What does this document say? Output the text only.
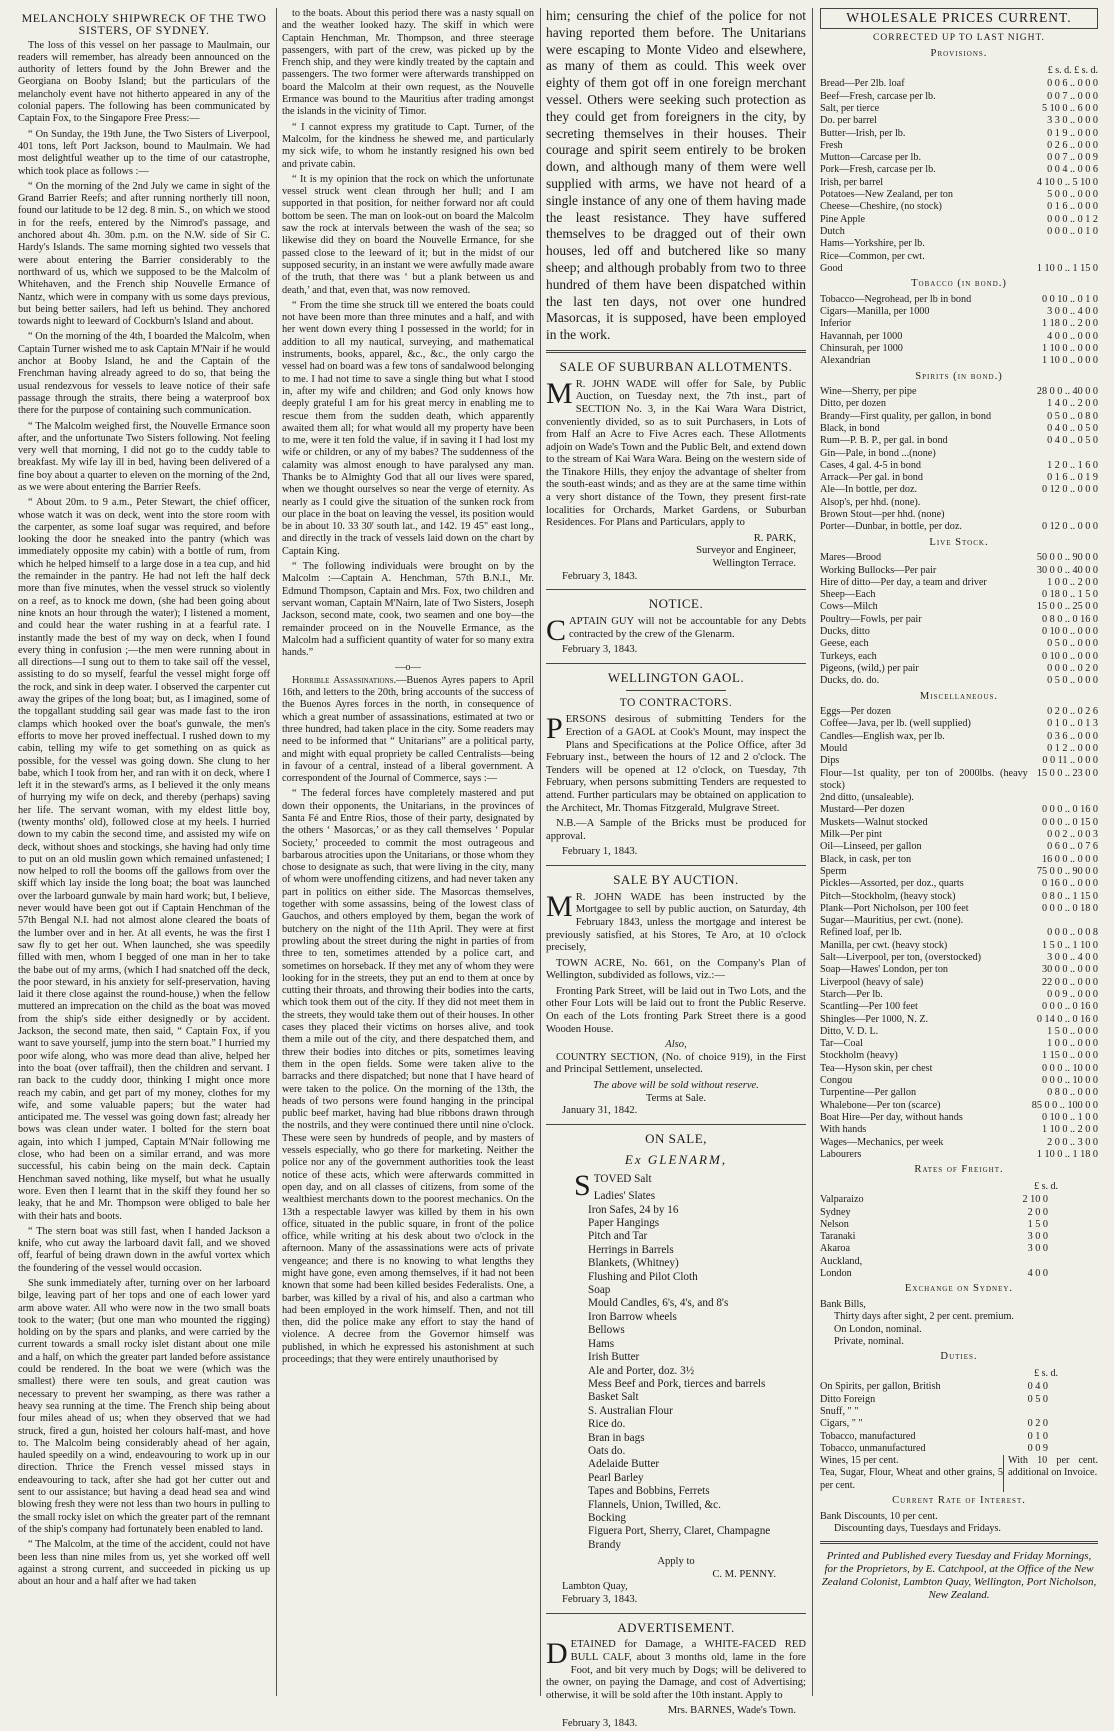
MELANCHOLY SHIPWRECK OF THE TWO SISTERS, OF SYDNEY.

The loss of this vessel on her passage to Maulmain, our readers will remember, has already been announced on the authority of letters found by the John Brewer and the Georgiana on Booby Island; but the particulars of the melancholy event have not hitherto appeared in any of the colonial papers. The following has been communicated by Captain Fox, to the Singapore Free Press:—

“ On Sunday, the 19th June, the Two Sisters of Liverpool, 401 tons, left Port Jackson, bound to Maulmain. We had most delightful weather up to the time of our catastrophe, which took place as follows :—

“ On the morning of the 2nd July we came in sight of the Grand Barrier Reefs; and after running northerly till noon, found our latitude to be 12 deg. 8 min. S., on which we stood in for the reefs, entered by the Nimrod's passage, and anchored about 4h. 30m. p.m. on the N.W. side of Sir C. Hardy's Islands. The same morning sighted two vessels that were about entering the Barrier considerably to the northward of us, which we supposed to be the Malcolm of Whitehaven, and the French ship Nouvelle Ermance of Nantz, which were in company with us some days previous, but being better sailers, had left us behind. They anchored towards night to leeward of Cockburn's Island and about.

“ On the morning of the 4th, I boarded the Malcolm, when Captain Turner wished me to ask Captain M'Nair if he would anchor at Booby Island, he and the Captain of the Frenchman having already agreed to do so, that being the usual rendezvous for vessels to leave notice of their safe passage through the straits, there being a waterproof box there for the purpose of containing such communication.

“ The Malcolm weighed first, the Nouvelle Ermance soon after, and the unfortunate Two Sisters following. Not feeling very well that morning, I did not go to the cuddy table to breakfast. My wife lay ill in bed, having been delivered of a fine boy about a quarter to eleven on the morning of the 2nd, as we were about entering the Barrier Reefs.

“ About 20m. to 9 a.m., Peter Stewart, the chief officer, whose watch it was on deck, went into the store room with the carpenter, as some loaf sugar was required, and before looking the door he sneaked into the pantry (which was immediately opposite my cabin) with a bottle of rum, from which he helped himself to a large dose in a tea cup, and hid the remainder in the pantry. He had not left the half deck more than five minutes, when the vessel struck so violently on a reef, as to knock me down, (she had been going about nine knots an hour through the water); I listened a moment, and could hear the water rushing in at a fearful rate. I instantly made the best of my way on deck, when I found every thing in confusion ;—the men were running about in all directions—I sung out to them to take sail off the vessel, assisting to do so myself, fearful the vessel might forge off the rock, and sink in deep water. I observed the carpenter cut away the gripes of the long boat; but, as I imagined, some of the topgallant studding sail gear was made fast to the iron clamps which hooked over the boat's gunwale, the men's efforts to move her proved ineffectual. I rushed down to my cabin, telling my wife to get something on as quick as possible, for the vessel was going down. She clung to her babe, which I took from her, and ran with it on deck, where I left it in the steward's arms, as I believed it the only means of hurrying my wife on deck, and thereby (perhaps) saving her life. The servant woman, with my eldest little boy, (twenty months' old), followed close at my heels. I hurried down to my cabin the second time, and assisted my wife on deck, without shoes and stockings, she having had only time to put on an old muslin gown which remained unfastened; I now helped to roll the booms off the gallows from over the skiff which lay inside the long boat; the boat was launched over the larboard gunwale by main hard work; but, I believe, never would have been got out if Captain Henchman of the 57th Bengal N.I. had not almost alone cleared the boats of the lumber over and in her. At all events, he was the first I saw fly to get her out. When launched, she was speedily filled with men, whom I begged of one man in her to take the babe out of my arms, (which I had snatched off the deck, the poor steward, in his anxiety for self-preservation, having laid it there close against the round-house,) when the fellow muttered an imprecation on the child as the boat was moved from the ship's side either designedly or by accident. Jackson, the second mate, then said, “ Captain Fox, if you want to save yourself, jump into the stern boat.” I hurried my poor wife along, who was more dead than alive, helped her into the boat (over taffrail), then the children and servant. I ran back to the cuddy door, thinking I might once more reach my cabin, and get part of my money, clothes for my wife, and some valuable papers; but the water had anticipated me. The vessel was going down fast; already her bows was clean under water. I bolted for the stern boat again, into which I jumped, Captain M'Nair following me close, who had been on a similar errand, and was more successful, his cabin being on the main deck. Captain Henchman saved nothing, like myself, but what he usually wore. Even then I learnt that in the skiff they found her so leaky, that he and Mr. Thompson were obliged to bale her with their hats and boots.

“ The stern boat was still fast, when I handed Jackson a knife, who cut away the larboard davit fall, and we shoved off, fearful of being drawn down in the awful vortex which the foundering of the vessel would occasion.

She sunk immediately after, turning over on her larboard bilge, leaving part of her tops and one of each lower yard arm above water. All who were now in the two small boats took to the water; (but one man who mounted the rigging) holding on by the spars and planks, and were carried by the current towards a small rocky islet distant about one mile and a half, on which the greater part landed before assistance could be rendered. In the boat we were (which was the smallest) there were ten souls, and great caution was necessary to prevent her swamping, as there was rather a heavy sea running at the time. The French ship being about four miles ahead of us; when they observed that we had struck, fired a gun, hoisted her colours half-mast, and hove to. The Malcolm being considerably ahead of her again, hauled speedily on a wind, endeavouring to work up in our direction. Thrice the French vessel missed stays in endeavouring to tack, after she had got her cutter out and sent to our assistance; but having a dead head sea and wind blowing fresh they were not less than two hours in pulling to the small rocky islet on which the greater part of the remnant of the ship's company had fortunately been enabled to land.

“ The Malcolm, at the time of the accident, could not have been less than nine miles from us, yet she worked off well against a strong current, and succeeded in picking us up about an hour and a half after we had taken

to the boats. About this period there was a nasty squall on and the weather looked hazy. The skiff in which were Captain Henchman, Mr. Thompson, and three steerage passengers, with part of the crew, was picked up by the French ship, and they were kindly treated by the captain and passengers. The two former were afterwards transhipped on board the Malcolm at their own request, as the Nouvelle Ermance was bound to the Mauritius after trading amongst the islands in the vicinity of Timor.

“ I cannot express my gratitude to Capt. Turner, of the Malcolm, for the kindness he shewed me, and particularly my sick wife, to whom he instantly resigned his own bed and private cabin.

“ It is my opinion that the rock on which the unfortunate vessel struck went clean through her hull; and I am supported in that position, for neither forward nor aft could bottom be seen. The man on look-out on board the Malcolm saw the rock at intervals between the wash of the sea; so likewise did they on board the Nouvelle Ermance, for she passed close to the leeward of it; but in the midst of our supposed security, in an instant we were awfully made aware of the truth, that there was ‘ but a plank between us and death,’ and that, even that, was now removed.

“ From the time she struck till we entered the boats could not have been more than three minutes and a half, and with her went down every thing I possessed in the world; for in addition to all my nautical, surveying, and mathematical instruments, books, apparel, &c., &c., the only cargo the vessel had on board was a few tons of sandalwood belonging to me. I had not time to save a single thing but what I stood in, after my wife and children; and God only knows how deeply grateful I am for his great mercy in enabling me to rescue them from the sudden death, which apparently awaited them all; for what would all my property have been to me, were it ten fold the value, if in saving it I had lost my wife or children, or any of my babes? The suddenness of the calamity was almost enough to have paralysed any man. Thanks be to Almighty God that all our lives were spared, when we thought ourselves so near the verge of eternity. As nearly as I could give the situation of the sunken rock from our place in the boat on leaving the vessel, its position would be in about 10. 33 30' south lat., and 142. 19 45" east long., and directly in the track of vessels laid down on the chart by Captain King.

“ The following individuals were brought on by the Malcolm :—Captain A. Henchman, 57th B.N.I., Mr. Edmund Thompson, Captain and Mrs. Fox, two children and servant woman, Captain M'Nairn, late of Two Sisters, Joseph Jackson, second mate, cook, two seamen and one boy—the remainder proceed on in the Nouvelle Ermance, as the Malcolm had a sufficient quantity of water for so many extra hands.”

—o—

Horrible Assassinations.—Buenos Ayres papers to April 16th, and letters to the 20th, bring accounts of the success of the Buenos Ayres forces in the north, in consequence of which a great number of assassinations, estimated at two or three hundred, had taken place in the city. Some readers may need to be informed that “ Unitarians” are a political party, and might with equal propriety be called Centralists—being in favour of a central, instead of a liberal government. A correspondent of the Journal of Commerce, says :—

“ The federal forces have completely mastered and put down their opponents, the Unitarians, in the provinces of Santa Fé and Entre Rios, those of their party, designated by the others ‘ Masorcas,’ or as they call themselves ‘ Popular Society,’ proceeded to commit the most outrageous and barbarous atrocities upon the Unitarians, or those whom they chose to designate as such, that were living in the city, many of whom were unoffending citizens, and had never taken any part in politics on either side. The Masorcas themselves, together with some assassins, being of the lowest class of Gauchos, and others employed by them, began the work of butchery on the night of the 11th April. They were at first prowling about the street during the night in parties of from three to ten, sometimes attended by a police cart, and sometimes on horseback. If they met any of whom they were looking for in the streets, they put an end to them at once by cutting their throats, and throwing their bodies into the carts, which took them out of the city. If they did not meet them in the streets, they would take them out of their houses. In other cases they placed their victims on horses alive, and took them a mile out of the city, and there despatched them, and threw their bodies into ditches or pits, sometimes leaving them in the open fields. Some were taken alive to the barracks and there dispatched; but none that I have heard of were taken to the police. On the morning of the 13th, the heads of two persons were found hanging in the principal public beef market, having had blue ribbons drawn through the nostrils, and they were continued there until nine o'clock. These were seen by hundreds of people, and by masters of vessels especially, who go there for marketing. Neither the police nor any of the government authorities took the least notice of these acts, which were afterwards committed in open day, and on all classes of citizens, from some of the wealthiest merchants down to the poorest mechanics. On the 13th a respectable lawyer was killed by them in his own office, situated in the public square, in front of the police office, while writing at his desk about two o'clock in the afternoon. Many of the assassinations were acts of private vengeance; and there is no knowing to what lengths they might have gone, even among themselves, if it had not been known that some had been killed besides Federalists. One, a barber, was killed by a rival of his, and also a cartman who had been employed in the work himself. Then, and not till then, did the police make any effort to stay the hand of violence. A decree from the Governor himself was published, in which he expressed his astonishment at such proceedings; that they were entirely unauthorised by

him; censuring the chief of the police for not having reported them before. The Unitarians were escaping to Monte Video and elsewhere, as many of them as could. This week over eighty of them got off in one foreign merchant vessel. Others were seeking such protection as they could get from foreigners in the city, by secreting themselves in their houses. Their courage and spirit seem entirely to be broken down, and although many of them were well supplied with arms, we have not heard of a single instance of any one of them having made the least resistance. They have suffered themselves to be dragged out of their own houses, led off and butchered like so many sheep; and although probably from two to three hundred of them have been dispatched within the last ten days, not over one hundred Masorcas, it is supposed, have been employed in the work.

SALE OF SUBURBAN ALLOTMENTS.

M R. JOHN WADE will offer for Sale, by Public Auction, on Tuesday next, the 7th inst., part of SECTION No. 3, in the Kai Wara Wara District, conveniently divided, so as to suit Purchasers, in Lots of from Half an Acre to Five Acres each. These Allotments adjoin on Wade's Town and the Public Belt, and extend down to the stream of Kai Wara Wara. Being on the western side of the Tinakore Hills, they enjoy the advantage of shelter from the south-east winds; and as they are at the same time within a very short distance of the Town, they present first-rate localities for Orchards, Market Gardens, or Suburban Residences. For Plans and Particulars, apply to

R. PARK,
Surveyor and Engineer,
Wellington Terrace.
February 3, 1843.
NOTICE.

CAPTAIN GUY will not be accountable for any Debts contracted by the crew of the Glenarm.

February 3, 1843.
WELLINGTON GAOL.
TO CONTRACTORS.

PERSONS desirous of submitting Tenders for the Erection of a GAOL at Cook's Mount, may inspect the Plans and Specifications at the Police Office, after 3d February inst., between the hours of 12 and 2 o'clock. The Tenders will be opened at 12 o'clock, on Tuesday, 7th February, when persons submitting Tenders are requested to attend. Further particulars may be obtained on application to the Architect, Mr. Thomas Fitzgerald, Mulgrave Street.

N.B.—A Sample of the Bricks must be produced for approval.

February 1, 1843.
SALE BY AUCTION.

M R. JOHN WADE has been instructed by the Mortgagee to sell by public auction, on Saturday, 4th February 1843, unless the mortgage and interest be previously satisfied, at his Stores, Te Aro, at 10 o'clock precisely,

TOWN ACRE, No. 661, on the Company's Plan of Wellington, subdivided as follows, viz.:—

Fronting Park Street, will be laid out in Two Lots, and the other Four Lots will be laid out to front the Public Reserve. On each of the Lots fronting Park Street there is a good Wooden House.

Also,

COUNTRY SECTION, (No. of choice 919), in the First and Principal Settlement, unselected.

The above will be sold without reserve.
Terms at Sale.
January 31, 1842.
ON SALE,
Ex GLENARM,
STOVED Salt
Ladies' Slates
Iron Safes, 24 by 16
Paper Hangings
Pitch and Tar
Herrings in Barrels
Blankets, (Whitney)
Flushing and Pilot Cloth
Soap
Mould Candles, 6's, 4's, and 8's
Iron Barrow wheels
Bellows
Hams
Irish Butter
Ale and Porter, doz. 3½
Mess Beef and Pork, tierces and barrels
Basket Salt
S. Australian Flour
Rice do.
Bran in bags
Oats do.
Adelaide Butter
Pearl Barley
Tapes and Bobbins, Ferrets
Flannels, Union, Twilled, &c.
Bocking
Figuera Port, Sherry, Claret, Champagne
Brandy
Apply to
C. M. PENNY.
Lambton Quay,
February 3, 1843.
ADVERTISEMENT.

DETAINED for Damage, a WHITE-FACED RED BULL CALF, about 3 months old, lame in the fore Foot, and bit very much by Dogs; will be delivered to the owner, on paying the Damage, and cost of Advertising; otherwise, it will be sold after the 10th instant. Apply to

Mrs. BARNES, Wade's Town.
February 3, 1843.
WHOLESALE PRICES CURRENT.
CORRECTED UP TO LAST NIGHT.
Provisions.
£ s. d. £ s. d.
Bread—Per 2lb. loaf	0 0 6 .. 0 0 0
Beef—Fresh, carcase per lb.	0 0 7 .. 0 0 0
Salt, per tierce	5 10 0 .. 6 0 0
Do. per barrel	3 3 0 .. 0 0 0
Butter—Irish, per lb.	0 1 9 .. 0 0 0
Fresh	0 2 6 .. 0 0 0
Mutton—Carcase per lb.	0 0 7 .. 0 0 9
Pork—Fresh, carcase per lb.	0 0 4 .. 0 0 6
Irish, per barrel	4 10 0 .. 5 10 0
Potatoes—New Zealand, per ton	5 0 0 .. 0 0 0
Cheese—Cheshire, (no stock)	0 1 6 .. 0 0 0
Pine Apple	0 0 0 .. 0 1 2
Dutch	0 0 0 .. 0 1 0
Hams—Yorkshire, per lb.	
Rice—Common, per cwt.	
Good	1 10 0 .. 1 15 0
Tobacco (in bond.)
Tobacco—Negrohead, per lb in bond	0 0 10 .. 0 1 0
Cigars—Manilla, per 1000	3 0 0 .. 4 0 0
Inferior	1 18 0 .. 2 0 0
Havannah, per 1000	4 0 0 .. 0 0 0
Chinsurah, per 1000	1 10 0 .. 0 0 0
Alexandrian	1 10 0 .. 0 0 0
Spirits (in bond.)
Wine—Sherry, per pipe	28 0 0 .. 40 0 0
Ditto, per dozen	1 4 0 .. 2 0 0
Brandy—First quality, per gallon, in bond	0 5 0 .. 0 8 0
Black, in bond	0 4 0 .. 0 5 0
Rum—P. B. P., per gal. in bond	0 4 0 .. 0 5 0
Gin—Pale, in bond ...(none)	
Cases, 4 gal. 4-5 in bond	1 2 0 .. 1 6 0
Arrack—Per gal. in bond	0 1 6 .. 0 1 9
Ale—In bottle, per doz.	0 12 0 .. 0 0 0
Alsop's, per hhd. (none).	
Brown Stout—per hhd. (none)	
Porter—Dunbar, in bottle, per doz.	0 12 0 .. 0 0 0
Live Stock.
Mares—Brood	50 0 0 .. 90 0 0
Working Bullocks—Per pair	30 0 0 .. 40 0 0
Hire of ditto—Per day, a team and driver	1 0 0 .. 2 0 0
Sheep—Each	0 18 0 .. 1 5 0
Cows—Milch	15 0 0 .. 25 0 0
Poultry—Fowls, per pair	0 8 0 .. 0 16 0
Ducks, ditto	0 10 0 .. 0 0 0
Geese, each	0 5 0 .. 0 0 0
Turkeys, each	0 10 0 .. 0 0 0
Pigeons, (wild,) per pair	0 0 0 .. 0 2 0
Ducks, do. do.	0 5 0 .. 0 0 0
Miscellaneous.
Eggs—Per dozen	0 2 0 .. 0 2 6
Coffee—Java, per lb. (well supplied)	0 1 0 .. 0 1 3
Candles—English wax, per lb.	0 3 6 .. 0 0 0
Mould	0 1 2 .. 0 0 0
Dips	0 0 11 .. 0 0 0
Flour—1st quality, per ton of 2000lbs. (heavy stock)	15 0 0 .. 23 0 0
2nd ditto, (unsaleable).	
Mustard—Per dozen	0 0 0 .. 0 16 0
Muskets—Walnut stocked	0 0 0 .. 0 15 0
Milk—Per pint	0 0 2 .. 0 0 3
Oil—Linseed, per gallon	0 6 0 .. 0 7 6
Black, in cask, per ton	16 0 0 .. 0 0 0
Sperm	75 0 0 .. 90 0 0
Pickles—Assorted, per doz., quarts	0 16 0 .. 0 0 0
Pitch—Stockholm, (heavy stock)	0 8 0 .. 1 15 0
Plank—Port Nicholson, per 100 feet	0 0 0 .. 0 18 0
Sugar—Mauritius, per cwt. (none).	
Refined loaf, per lb.	0 0 0 .. 0 0 8
Manilla, per cwt. (heavy stock)	1 5 0 .. 1 10 0
Salt—Liverpool, per ton, (overstocked)	3 0 0 .. 4 0 0
Soap—Hawes' London, per ton	30 0 0 .. 0 0 0
Liverpool (heavy of sale)	22 0 0 .. 0 0 0
Starch—Per lb.	0 0 9 .. 0 0 0
Scantling—Per 100 feet	0 0 0 .. 0 16 0
Shingles—Per 1000, N. Z.	0 14 0 .. 0 16 0
Ditto, V. D. L.	1 5 0 .. 0 0 0
Tar—Coal	1 0 0 .. 0 0 0
Stockholm (heavy)	1 15 0 .. 0 0 0
Tea—Hyson skin, per chest	0 0 0 .. 10 0 0
Congou	0 0 0 .. 10 0 0
Turpentine—Per gallon	0 8 0 .. 0 0 0
Whalebone—Per ton (scarce)	85 0 0 .. 100 0 0
Boat Hire—Per day, without hands	0 10 0 .. 1 0 0
With hands	1 10 0 .. 2 0 0
Wages—Mechanics, per week	2 0 0 .. 3 0 0
Labourers	1 10 0 .. 1 18 0
Rates of Freight.
£ s. d.
Valparaizo	2 10 0
Sydney	2 0 0
Nelson	1 5 0
Taranaki	3 0 0
Akaroa	3 0 0
Auckland,	
London	4 0 0
Exchange on Sydney.
Bank Bills,
Thirty days after sight, 2 per cent. premium.
On London, nominal.
Private, nominal.
Duties.
£ s. d.
On Spirits, per gallon, British	0 4 0
Ditto Foreign	0 5 0
Snuff, " "	
Cigars, " "	0 2 0
Tobacco, manufactured	0 1 0
Tobacco, unmanufactured	0 0 9
Wines, 15 per cent.
Tea, Sugar, Flour, Wheat and other grains, 5 per cent.
With 10 per cent. additional on Invoice.
Current Rate of Interest.
Bank Discounts, 10 per cent.
Discounting days, Tuesdays and Fridays.
Printed and Published every Tuesday and Friday Mornings, for the Proprietors, by E. Catchpool, at the Office of the New Zealand Colonist, Lambton Quay, Wellington, Port Nicholson, New Zealand.
